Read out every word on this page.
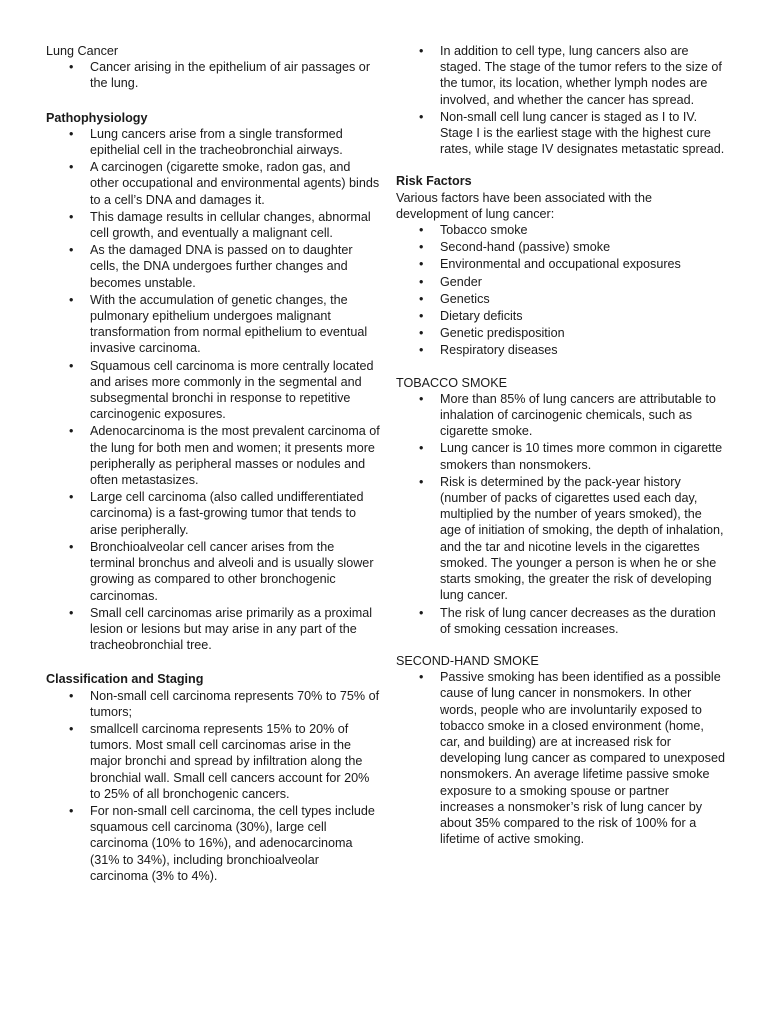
Lung Cancer

• Cancer arising in the epithelium of air passages or the lung.

Pathophysiology

• Lung cancers arise from a single transformed epithelial cell in the tracheobronchial airways.
• A carcinogen (cigarette smoke, radon gas, and other occupational and environmental agents) binds to a cell’s DNA and damages it.
• This damage results in cellular changes, abnormal cell growth, and eventually a malignant cell.
• As the damaged DNA is passed on to daughter cells, the DNA undergoes further changes and becomes unstable.
• With the accumulation of genetic changes, the pulmonary epithelium undergoes malignant transformation from normal epithelium to eventual invasive carcinoma.
• Squamous cell carcinoma is more centrally located and arises more commonly in the segmental and subsegmental bronchi in response to repetitive carcinogenic exposures.
• Adenocarcinoma is the most prevalent carcinoma of the lung for both men and women; it presents more peripherally as peripheral masses or nodules and often metastasizes.
• Large cell carcinoma (also called undifferentiated carcinoma) is a fast-growing tumor that tends to arise peripherally.
• Bronchioalveolar cell cancer arises from the terminal bronchus and alveoli and is usually slower growing as compared to other bronchogenic carcinomas.
• Small cell carcinomas arise primarily as a proximal lesion or lesions but may arise in any part of the tracheobronchial tree.

Classification and Staging

• Non-small cell carcinoma represents 70% to 75% of tumors;
• smallcell carcinoma represents 15% to 20% of tumors. Most small cell carcinomas arise in the major bronchi and spread by infiltration along the bronchial wall. Small cell cancers account for 20% to 25% of all bronchogenic cancers.
• For non-small cell carcinoma, the cell types include squamous cell carcinoma (30%), large cell carcinoma (10% to 16%), and adenocarcinoma (31% to 34%), including bronchioalveolar carcinoma (3% to 4%).
• In addition to cell type, lung cancers also are staged. The stage of the tumor refers to the size of the tumor, its location, whether lymph nodes are involved, and whether the cancer has spread.
• Non-small cell lung cancer is staged as I to IV. Stage I is the earliest stage with the highest cure rates, while stage IV designates metastatic spread.

Risk Factors

Various factors have been associated with the development of lung cancer:

• Tobacco smoke
• Second-hand (passive) smoke
• Environmental and occupational exposures
• Gender
• Genetics
• Dietary deficits
• Genetic predisposition
• Respiratory diseases

TOBACCO SMOKE

• More than 85% of lung cancers are attributable to inhalation of carcinogenic chemicals, such as cigarette smoke.
• Lung cancer is 10 times more common in cigarette smokers than nonsmokers.
• Risk is determined by the pack-year history (number of packs of cigarettes used each day, multiplied by the number of years smoked), the age of initiation of smoking, the depth of inhalation, and the tar and nicotine levels in the cigarettes smoked. The younger a person is when he or she starts smoking, the greater the risk of developing lung cancer.
• The risk of lung cancer decreases as the duration of smoking cessation increases.

SECOND-HAND SMOKE

• Passive smoking has been identified as a possible cause of lung cancer in nonsmokers. In other words, people who are involuntarily exposed to tobacco smoke in a closed environment (home, car, and building) are at increased risk for developing lung cancer as compared to unexposed nonsmokers. An average lifetime passive smoke exposure to a smoking spouse or partner increases a nonsmoker’s risk of lung cancer by about 35% compared to the risk of 100% for a lifetime of active smoking.
